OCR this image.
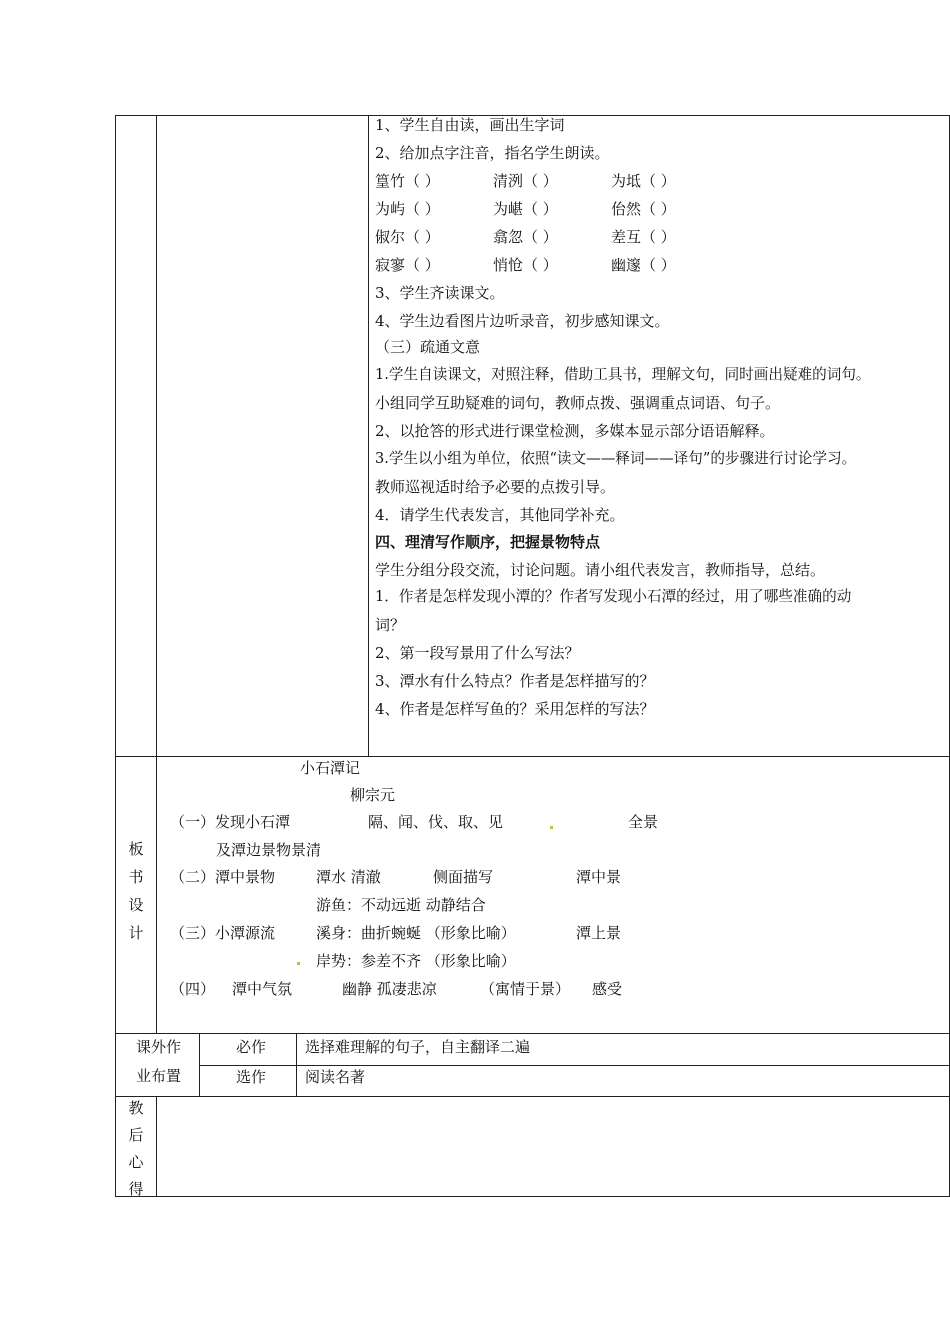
1、学生自由读，画出生字词
2、给加点字注音，指名学生朗读。
篁竹（ ）	清洌（ ）	为坻（ ）
为屿（ ）	为嵁（ ）	佁然（ ）
俶尔（ ）	翕忽（ ）	差互（ ）
寂寥（ ）	悄怆（ ）	幽邃（ ）
3、学生齐读课文。
4、学生边看图片边听录音，初步感知课文。
（三）疏通文意
1.学生自读课文，对照注释，借助工具书，理解文句，同时画出疑难的词句。
小组同学互助疑难的词句，教师点拨、强调重点词语、句子。
2、以抢答的形式进行课堂检测，多媒本显示部分语语解释。
3.学生以小组为单位，依照“读文——释词——译句”的步骤进行讨论学习。
教师巡视适时给予必要的点拨引导。
4．请学生代表发言，其他同学补充。
四、理清写作顺序，把握景物特点
学生分组分段交流，讨论问题。请小组代表发言，教师指导，总结。
1．作者是怎样发现小潭的？作者写发现小石潭的经过，用了哪些准确的动
词？
2、第一段写景用了什么写法？
3、潭水有什么特点？作者是怎样描写的？
4、作者是怎样写鱼的？采用怎样的写法？
板
书
设
计
小石潭记
柳宗元
（一）发现小石潭	隔、闻、伐、取、见	全景
及潭边景物景清
（二）潭中景物	潭水 清澈	侧面描写	潭中景
游鱼：不动远逝 动静结合
（三）小潭源流	溪身：曲折蜿蜒 （形象比喻）	潭上景
岸势：参差不齐 （形象比喻）
（四） 潭中气氛	幽静 孤凄悲凉	（寓情于景） 感受
课外作
业布置
必作	选择难理解的句子，自主翻译二遍
选作	阅读名著
教
后
心
得
